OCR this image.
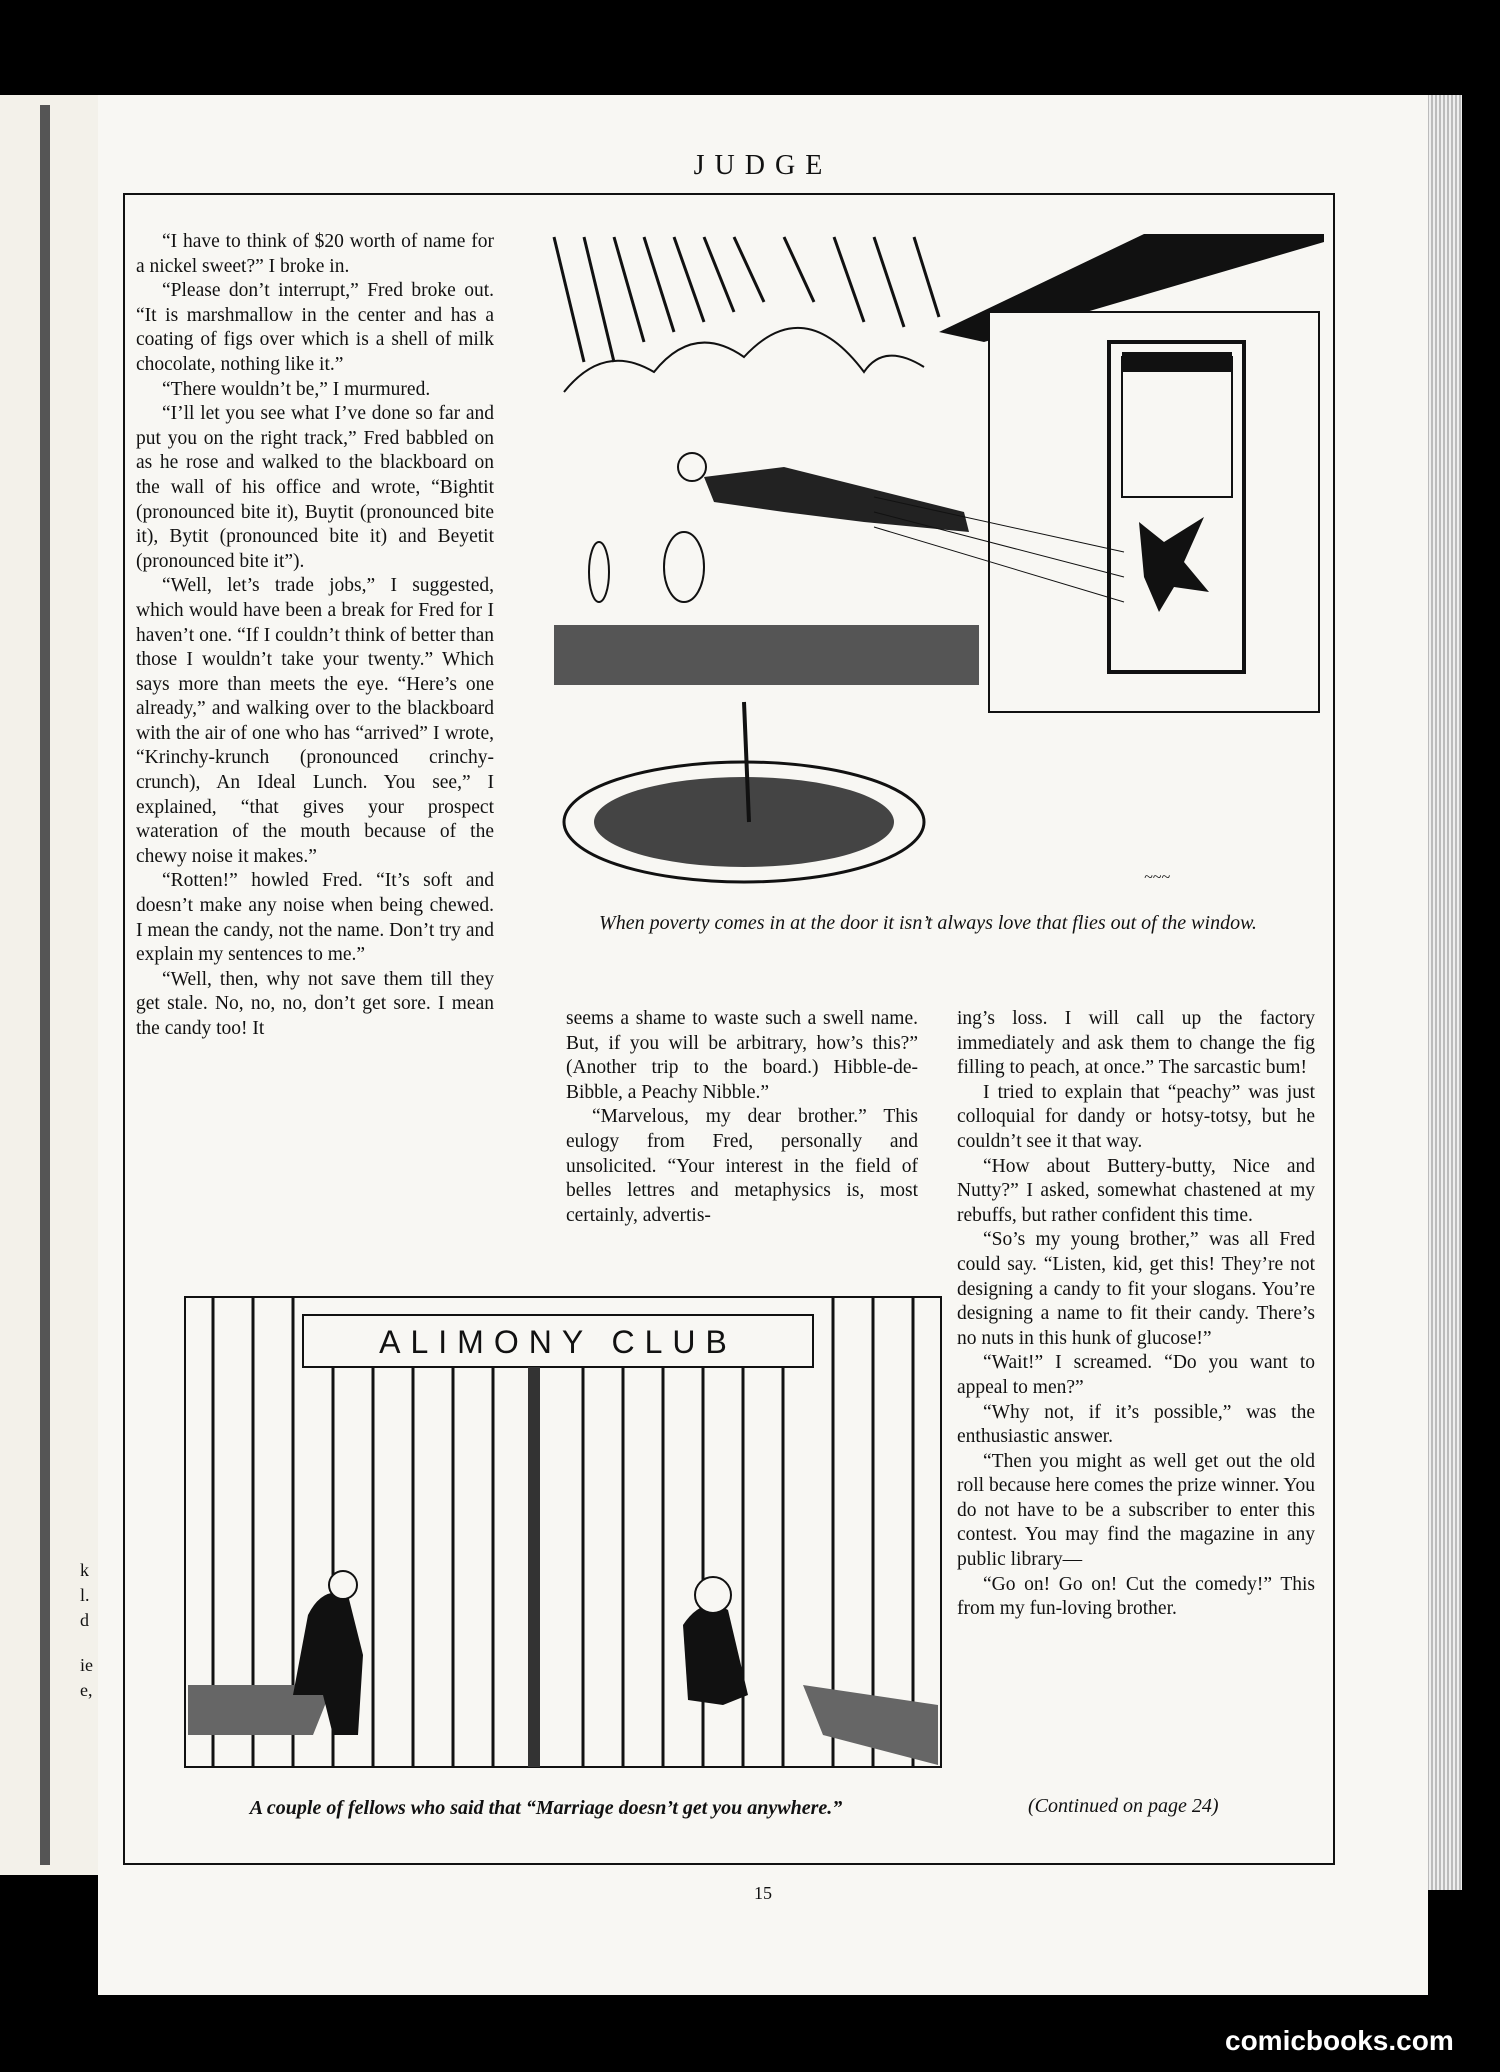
k
l.
d
ie
e,
JUDGE

“I have to think of $20 worth of name for a nickel sweet?” I broke in.

“Please don’t interrupt,” Fred broke out. “It is marshmallow in the center and has a coating of figs over which is a shell of milk chocolate, nothing like it.”

“There wouldn’t be,” I murmured.

“I’ll let you see what I’ve done so far and put you on the right track,” Fred babbled on as he rose and walked to the blackboard on the wall of his office and wrote, “Bightit (pronounced bite it), Buytit (pronounced bite it), Bytit (pronounced bite it) and Beyetit (pronounced bite it”).

“Well, let’s trade jobs,” I suggested, which would have been a break for Fred for I haven’t one. “If I couldn’t think of better than those I wouldn’t take your twenty.” Which says more than meets the eye. “Here’s one already,” and walking over to the blackboard with the air of one who has “arrived” I wrote, “Krinchy-krunch (pronounced crinchy-crunch), An Ideal Lunch. You see,” I explained, “that gives your prospect wateration of the mouth because of the chewy noise it makes.”

“Rotten!” howled Fred. “It’s soft and doesn’t make any noise when being chewed. I mean the candy, not the name. Don’t try and explain my sentences to me.”

“Well, then, why not save them till they get stale. No, no, no, don’t get sore. I mean the candy too! It

~~~
When poverty comes in at the door it isn’t always love that flies out of the window.

seems a shame to waste such a swell name. But, if you will be arbitrary, how’s this?” (Another trip to the board.) Hibble-de-Bibble, a Peachy Nibble.”

“Marvelous, my dear brother.” This eulogy from Fred, personally and unsolicited. “Your interest in the field of belles lettres and metaphysics is, most certainly, advertis-

ing’s loss. I will call up the factory immediately and ask them to change the fig filling to peach, at once.” The sarcastic bum!

I tried to explain that “peachy” was just colloquial for dandy or hotsy-totsy, but he couldn’t see it that way.

“How about Buttery-butty, Nice and Nutty?” I asked, somewhat chastened at my rebuffs, but rather confident this time.

“So’s my young brother,” was all Fred could say. “Listen, kid, get this! They’re not designing a candy to fit your slogans. You’re designing a name to fit their candy. There’s no nuts in this hunk of glucose!”

“Wait!” I screamed. “Do you want to appeal to men?”

“Why not, if it’s possible,” was the enthusiastic answer.

“Then you might as well get out the old roll because here comes the prize winner. You do not have to be a subscriber to enter this contest. You may find the magazine in any public library—

“Go on! Go on! Cut the comedy!” This from my fun-loving brother.

ALIMONY CLUB
A couple of fellows who said that “Marriage doesn’t get you anywhere.”	(Continued on page 24)
15
comicbooks.com
